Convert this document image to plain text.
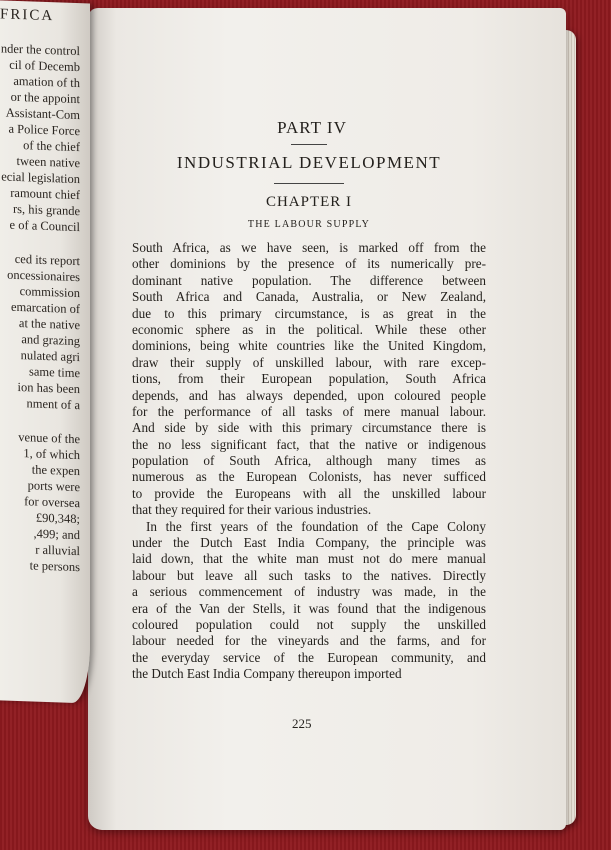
FRICA
nder the control
cil of Decemb
amation of th
or the appoint
Assistant-Com
a Police Force
of the chief
tween native
ecial legislation
ramount chief
rs, his grande
e of a Council
ced its report
oncessionaires
commission
emarcation of
at the native
and grazing
nulated agri
same time
ion has been
nment of a
venue of the
1, of which
the expen
ports were
for oversea
£90,348;
,499; and
r alluvial
te persons
PART IV
INDUSTRIAL DEVELOPMENT
CHAPTER I
THE LABOUR SUPPLY
South Africa, as we have seen, is marked off from the
other dominions by the presence of its numerically pre-
dominant native population. The difference between
South Africa and Canada, Australia, or New Zealand,
due to this primary circumstance, is as great in the
economic sphere as in the political. While these other
dominions, being white countries like the United Kingdom,
draw their supply of unskilled labour, with rare excep-
tions, from their European population, South Africa
depends, and has always depended, upon coloured people
for the performance of all tasks of mere manual labour.
And side by side with this primary circumstance there is
the no less significant fact, that the native or indigenous
population of South Africa, although many times as
numerous as the European Colonists, has never sufficed
to provide the Europeans with all the unskilled labour
that they required for their various industries.
In the first years of the foundation of the Cape Colony
under the Dutch East India Company, the principle was
laid down, that the white man must not do mere manual
labour but leave all such tasks to the natives. Directly
a serious commencement of industry was made, in the
era of the Van der Stells, it was found that the indigenous
coloured population could not supply the unskilled
labour needed for the vineyards and the farms, and for
the everyday service of the European community, and
the Dutch East India Company thereupon imported
225
